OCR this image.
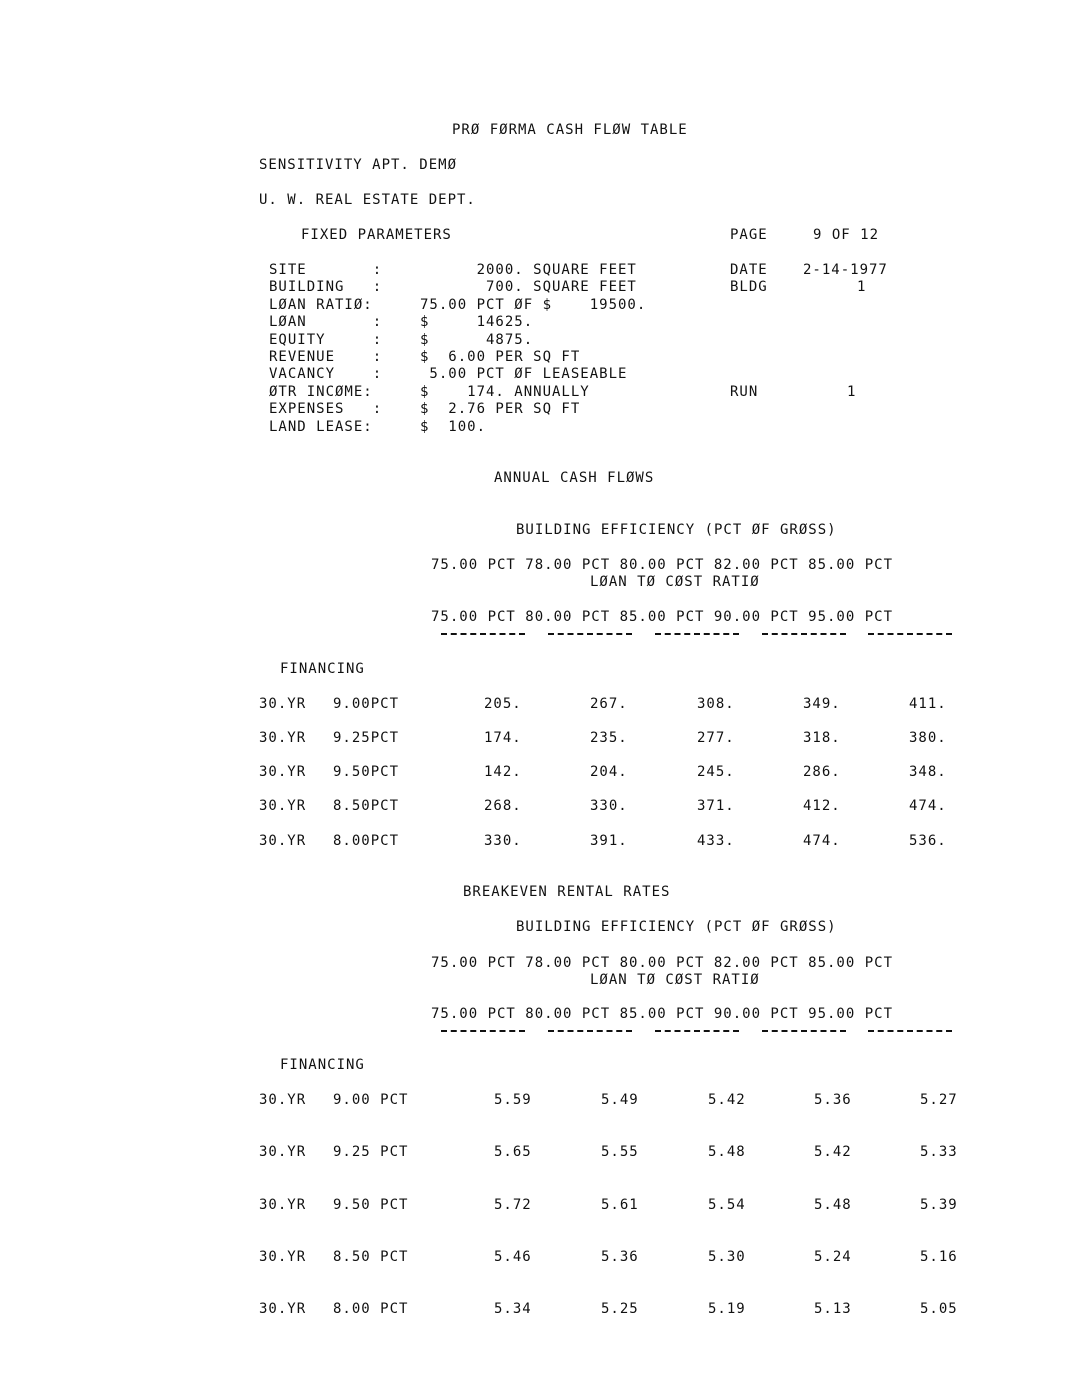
PRØ FØRMA CASH FLØW TABLE
SENSITIVITY APT. DEMØ
U. W. REAL ESTATE DEPT.
FIXED PARAMETERS
SITE       :	2000. SQUARE FEET
BUILDING   :	700. SQUARE FEET
LØAN RATIØ:	75.00 PCT ØF $    19500.
LØAN       :	$     14625.
EQUITY     :	$      4875.
REVENUE    :	$  6.00 PER SQ FT
VACANCY    :	5.00 PCT ØF LEASEABLE
ØTR INCØME:	$    174. ANNUALLY
EXPENSES   :	$  2.76 PER SQ FT
LAND LEASE:	$  100.
PAGE	9 OF 12
DATE	2-14-1977
BLDG	1
RUN	1
ANNUAL CASH FLØWS
BUILDING EFFICIENCY (PCT ØF GRØSS)
75.00 PCT 78.00 PCT 80.00 PCT 82.00 PCT 85.00 PCT
LØAN TØ CØST RATIØ
75.00 PCT 80.00 PCT 85.00 PCT 90.00 PCT 95.00 PCT
FINANCING
30.YR 9.00PCT	205.	267.	308.	349.	411.
30.YR 9.25PCT	174.	235.	277.	318.	380.
30.YR 9.50PCT	142.	204.	245.	286.	348.
30.YR 8.50PCT	268.	330.	371.	412.	474.
30.YR 8.00PCT	330.	391.	433.	474.	536.
BREAKEVEN RENTAL RATES
BUILDING EFFICIENCY (PCT ØF GRØSS)
75.00 PCT 78.00 PCT 80.00 PCT 82.00 PCT 85.00 PCT
LØAN TØ CØST RATIØ
75.00 PCT 80.00 PCT 85.00 PCT 90.00 PCT 95.00 PCT
FINANCING
30.YR 9.00 PCT	5.59	5.49	5.42	5.36	5.27
30.YR 9.25 PCT	5.65	5.55	5.48	5.42	5.33
30.YR 9.50 PCT	5.72	5.61	5.54	5.48	5.39
30.YR 8.50 PCT	5.46	5.36	5.30	5.24	5.16
30.YR 8.00 PCT	5.34	5.25	5.19	5.13	5.05
